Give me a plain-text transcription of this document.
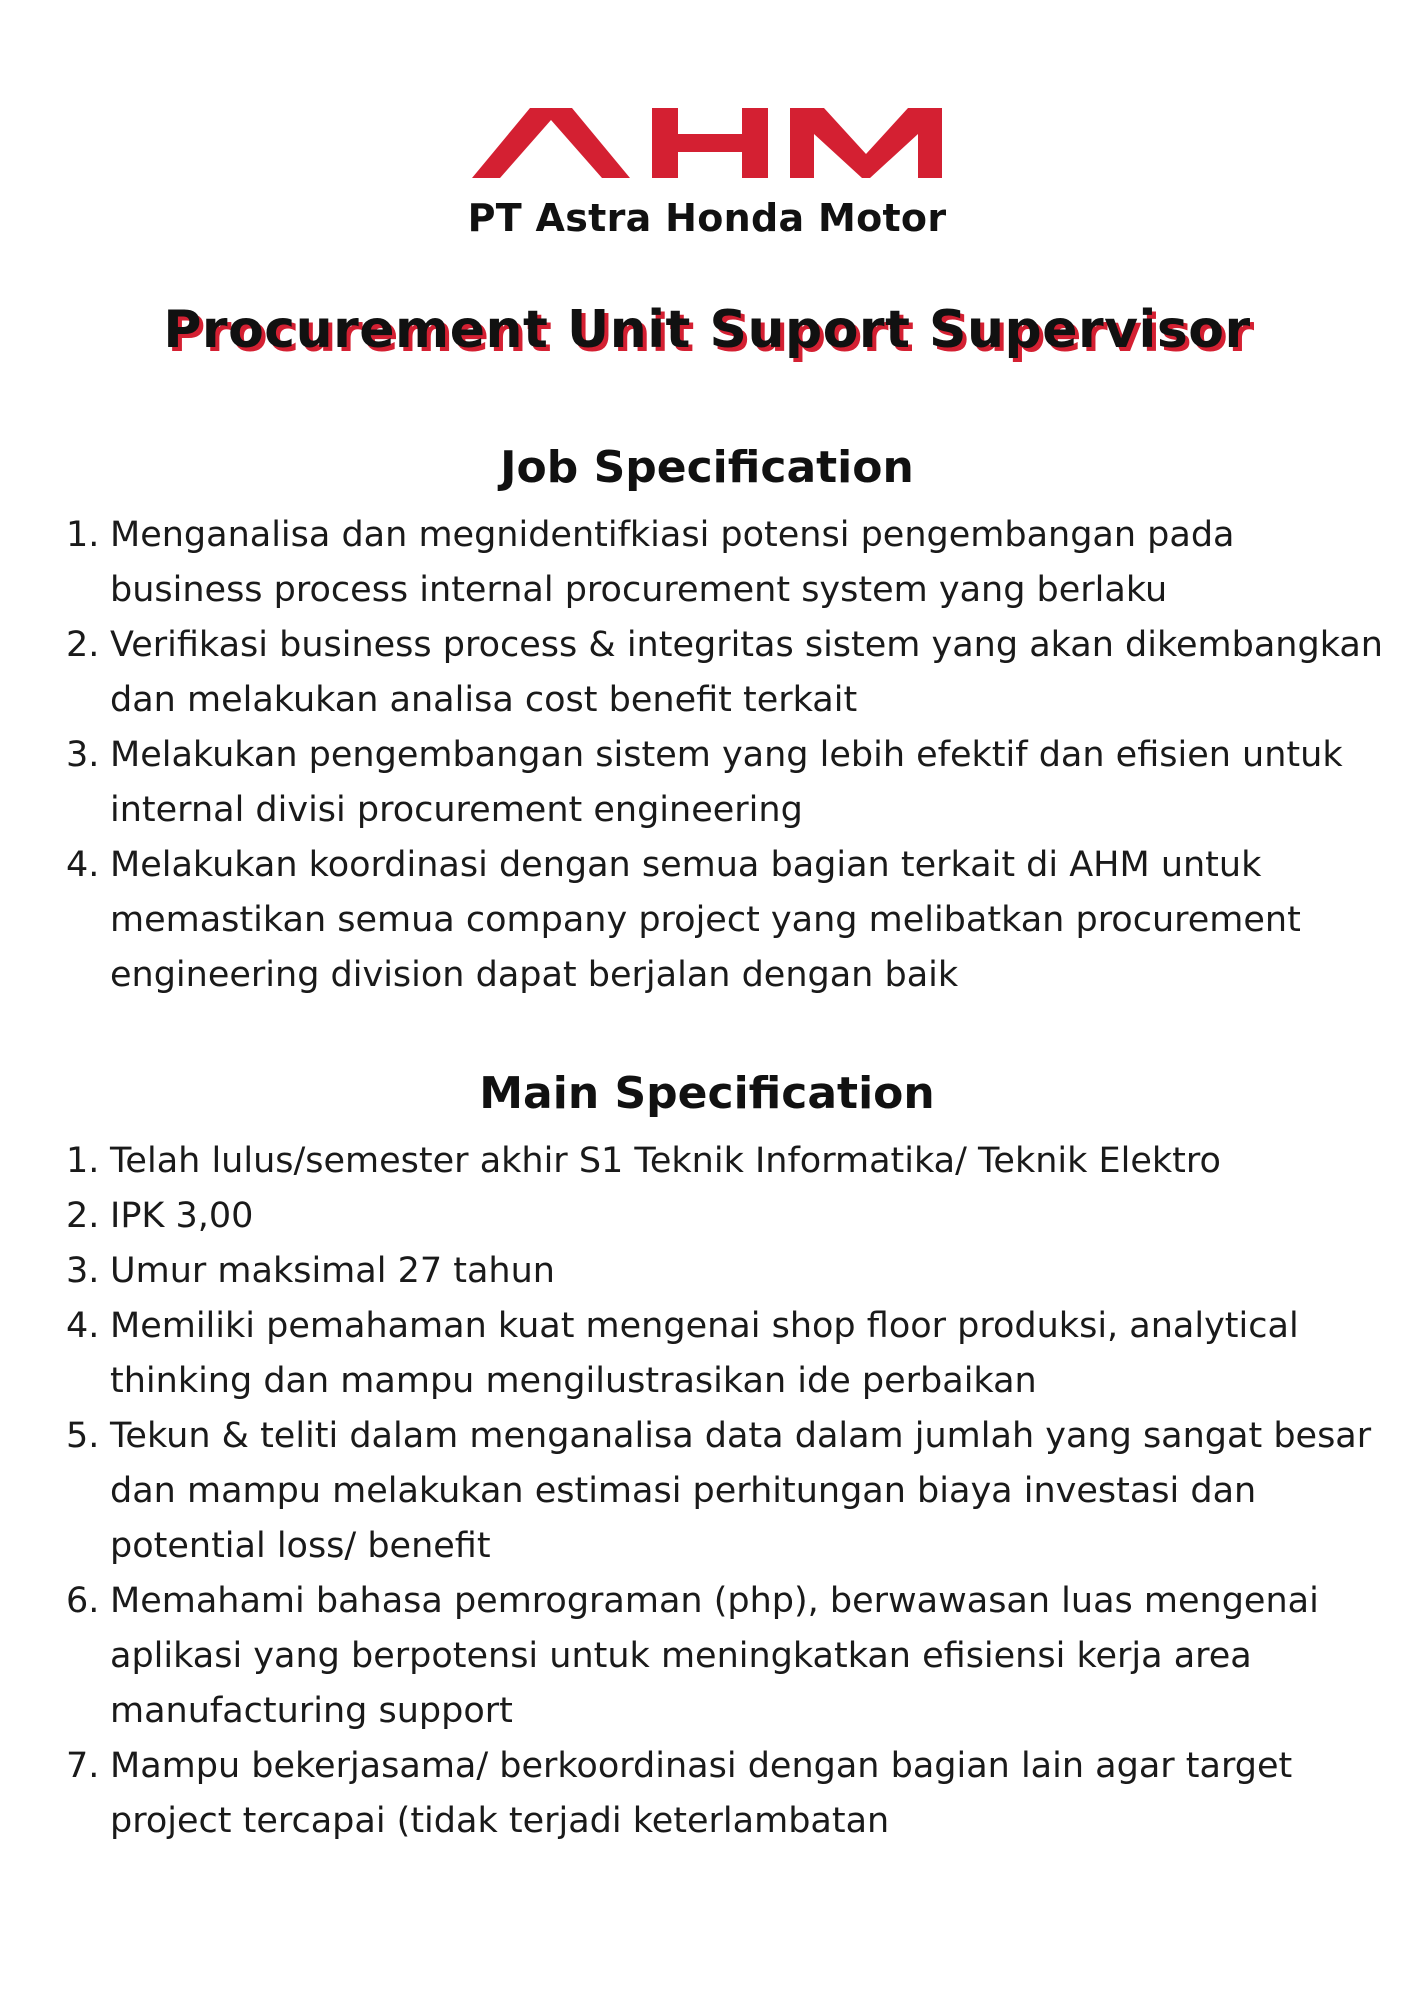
PT Astra Honda Motor
Procurement Unit Suport Supervisor
Job Specification
1. Menganalisa dan megnidentifkiasi potensi pengembangan pada business process internal procurement system yang berlaku
2. Verifikasi business process & integritas sistem yang akan dikembangkan dan melakukan analisa cost benefit terkait
3. Melakukan pengembangan sistem yang lebih efektif dan efisien untuk internal divisi procurement engineering
4. Melakukan koordinasi dengan semua bagian terkait di AHM untuk memastikan semua company project yang melibatkan procurement engineering division dapat berjalan dengan baik
Main Specification
1. Telah lulus/semester akhir S1 Teknik Informatika/ Teknik Elektro
2. IPK 3,00
3. Umur maksimal 27 tahun
4. Memiliki pemahaman kuat mengenai shop floor produksi, analytical thinking dan mampu mengilustrasikan ide perbaikan
5. Tekun & teliti dalam menganalisa data dalam jumlah yang sangat besar dan mampu melakukan estimasi perhitungan biaya investasi dan potential loss/ benefit
6. Memahami bahasa pemrograman (php), berwawasan luas mengenai aplikasi yang berpotensi untuk meningkatkan efisiensi kerja area manufacturing support
7. Mampu bekerjasama/ berkoordinasi dengan bagian lain agar target project tercapai (tidak terjadi keterlambatan
